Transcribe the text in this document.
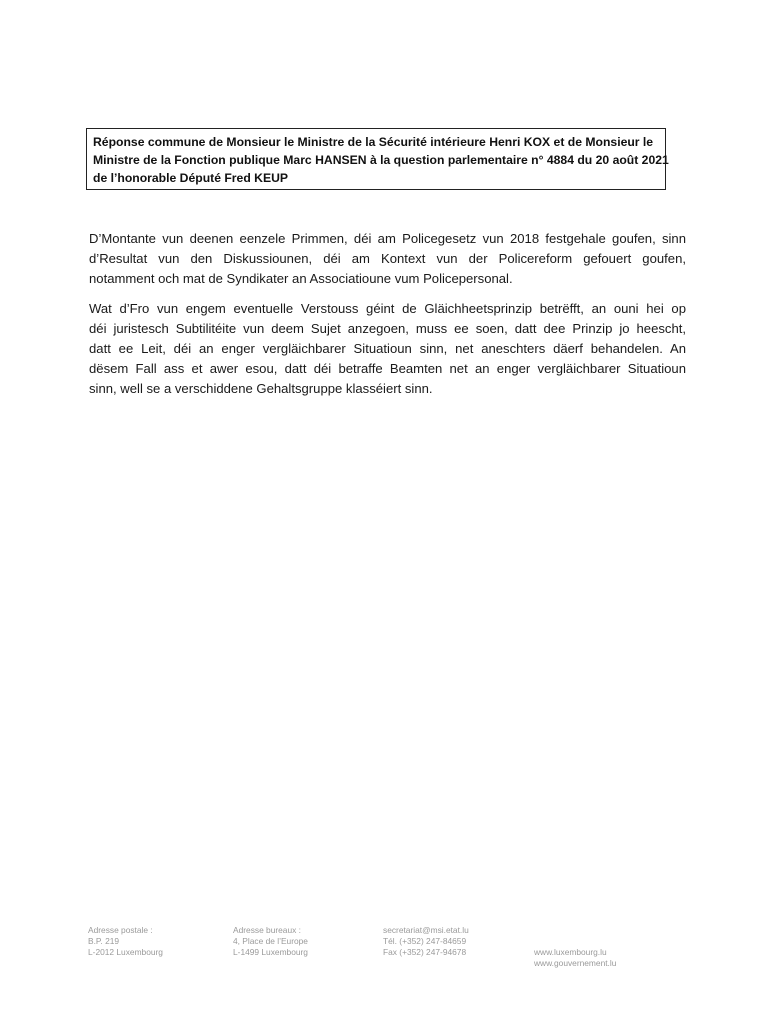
Réponse commune de Monsieur le Ministre de la Sécurité intérieure Henri KOX et de Monsieur le
Ministre de la Fonction publique Marc HANSEN à la question parlementaire n° 4884 du 20 août 2021
de l’honorable Député Fred KEUP
D’Montante vun deenen eenzele Primmen, déi am Policegesetz vun 2018 festgehale goufen, sinn
d’Resultat vun den Diskussiounen, déi am Kontext vun der Policereform gefouert goufen,
notamment och mat de Syndikater an Associatioune vum Policepersonal.
Wat d’Fro vun engem eventuelle Verstouss géint de Gläichheetsprinzip betrëfft, an ouni hei op
déi juristesch Subtilitéite vun deem Sujet anzegoen, muss ee soen, datt dee Prinzip jo heescht,
datt ee Leit, déi an enger vergläichbarer Situatioun sinn, net aneschters däerf behandelen. An
dësem Fall ass et awer esou, datt déi betraffe Beamten net an enger vergläichbarer Situatioun
sinn, well se a verschiddene Gehaltsgruppe klasséiert sinn.
Adresse postale :
B.P. 219
L-2012 Luxembourg
Adresse bureaux :
4, Place de l’Europe
L-1499 Luxembourg
secretariat@msi.etat.lu
Tél. (+352) 247-84659
Fax (+352) 247-94678	www.luxembourg.lu
www.gouvernement.lu
